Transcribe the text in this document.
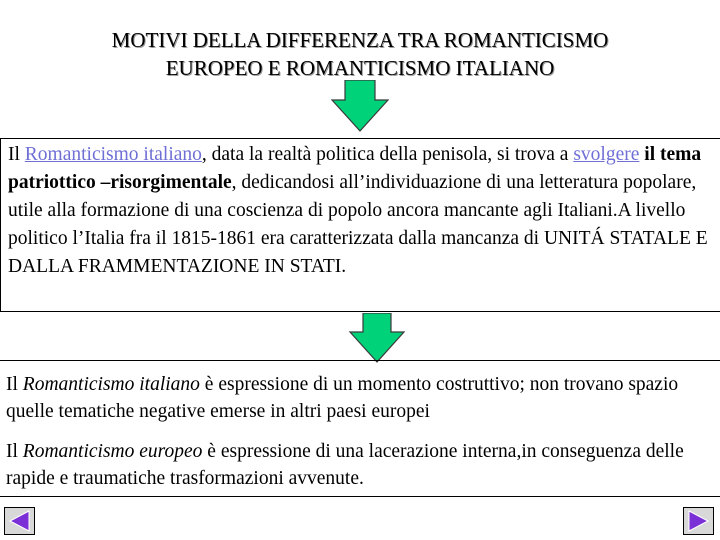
MOTIVI DELLA DIFFERENZA TRA ROMANTICISMO
EUROPEO E ROMANTICISMO ITALIANO

Il Romanticismo italiano, data la realtà politica della penisola, si trova a svolgere il tema patriottico –risorgimentale, dedicandosi all’individuazione di una letteratura popolare, utile alla formazione di una coscienza di popolo ancora mancante agli Italiani.A livello politico l’Italia fra il 1815-1861 era caratterizzata dalla mancanza di UNITÁ STATALE E DALLA FRAMMENTAZIONE IN STATI.

Il Romanticismo italiano è espressione di un momento costruttivo; non trovano spazio quelle tematiche negative emerse in altri paesi europei

Il Romanticismo europeo è espressione di una lacerazione interna,in conseguenza delle rapide e traumatiche trasformazioni avvenute.
